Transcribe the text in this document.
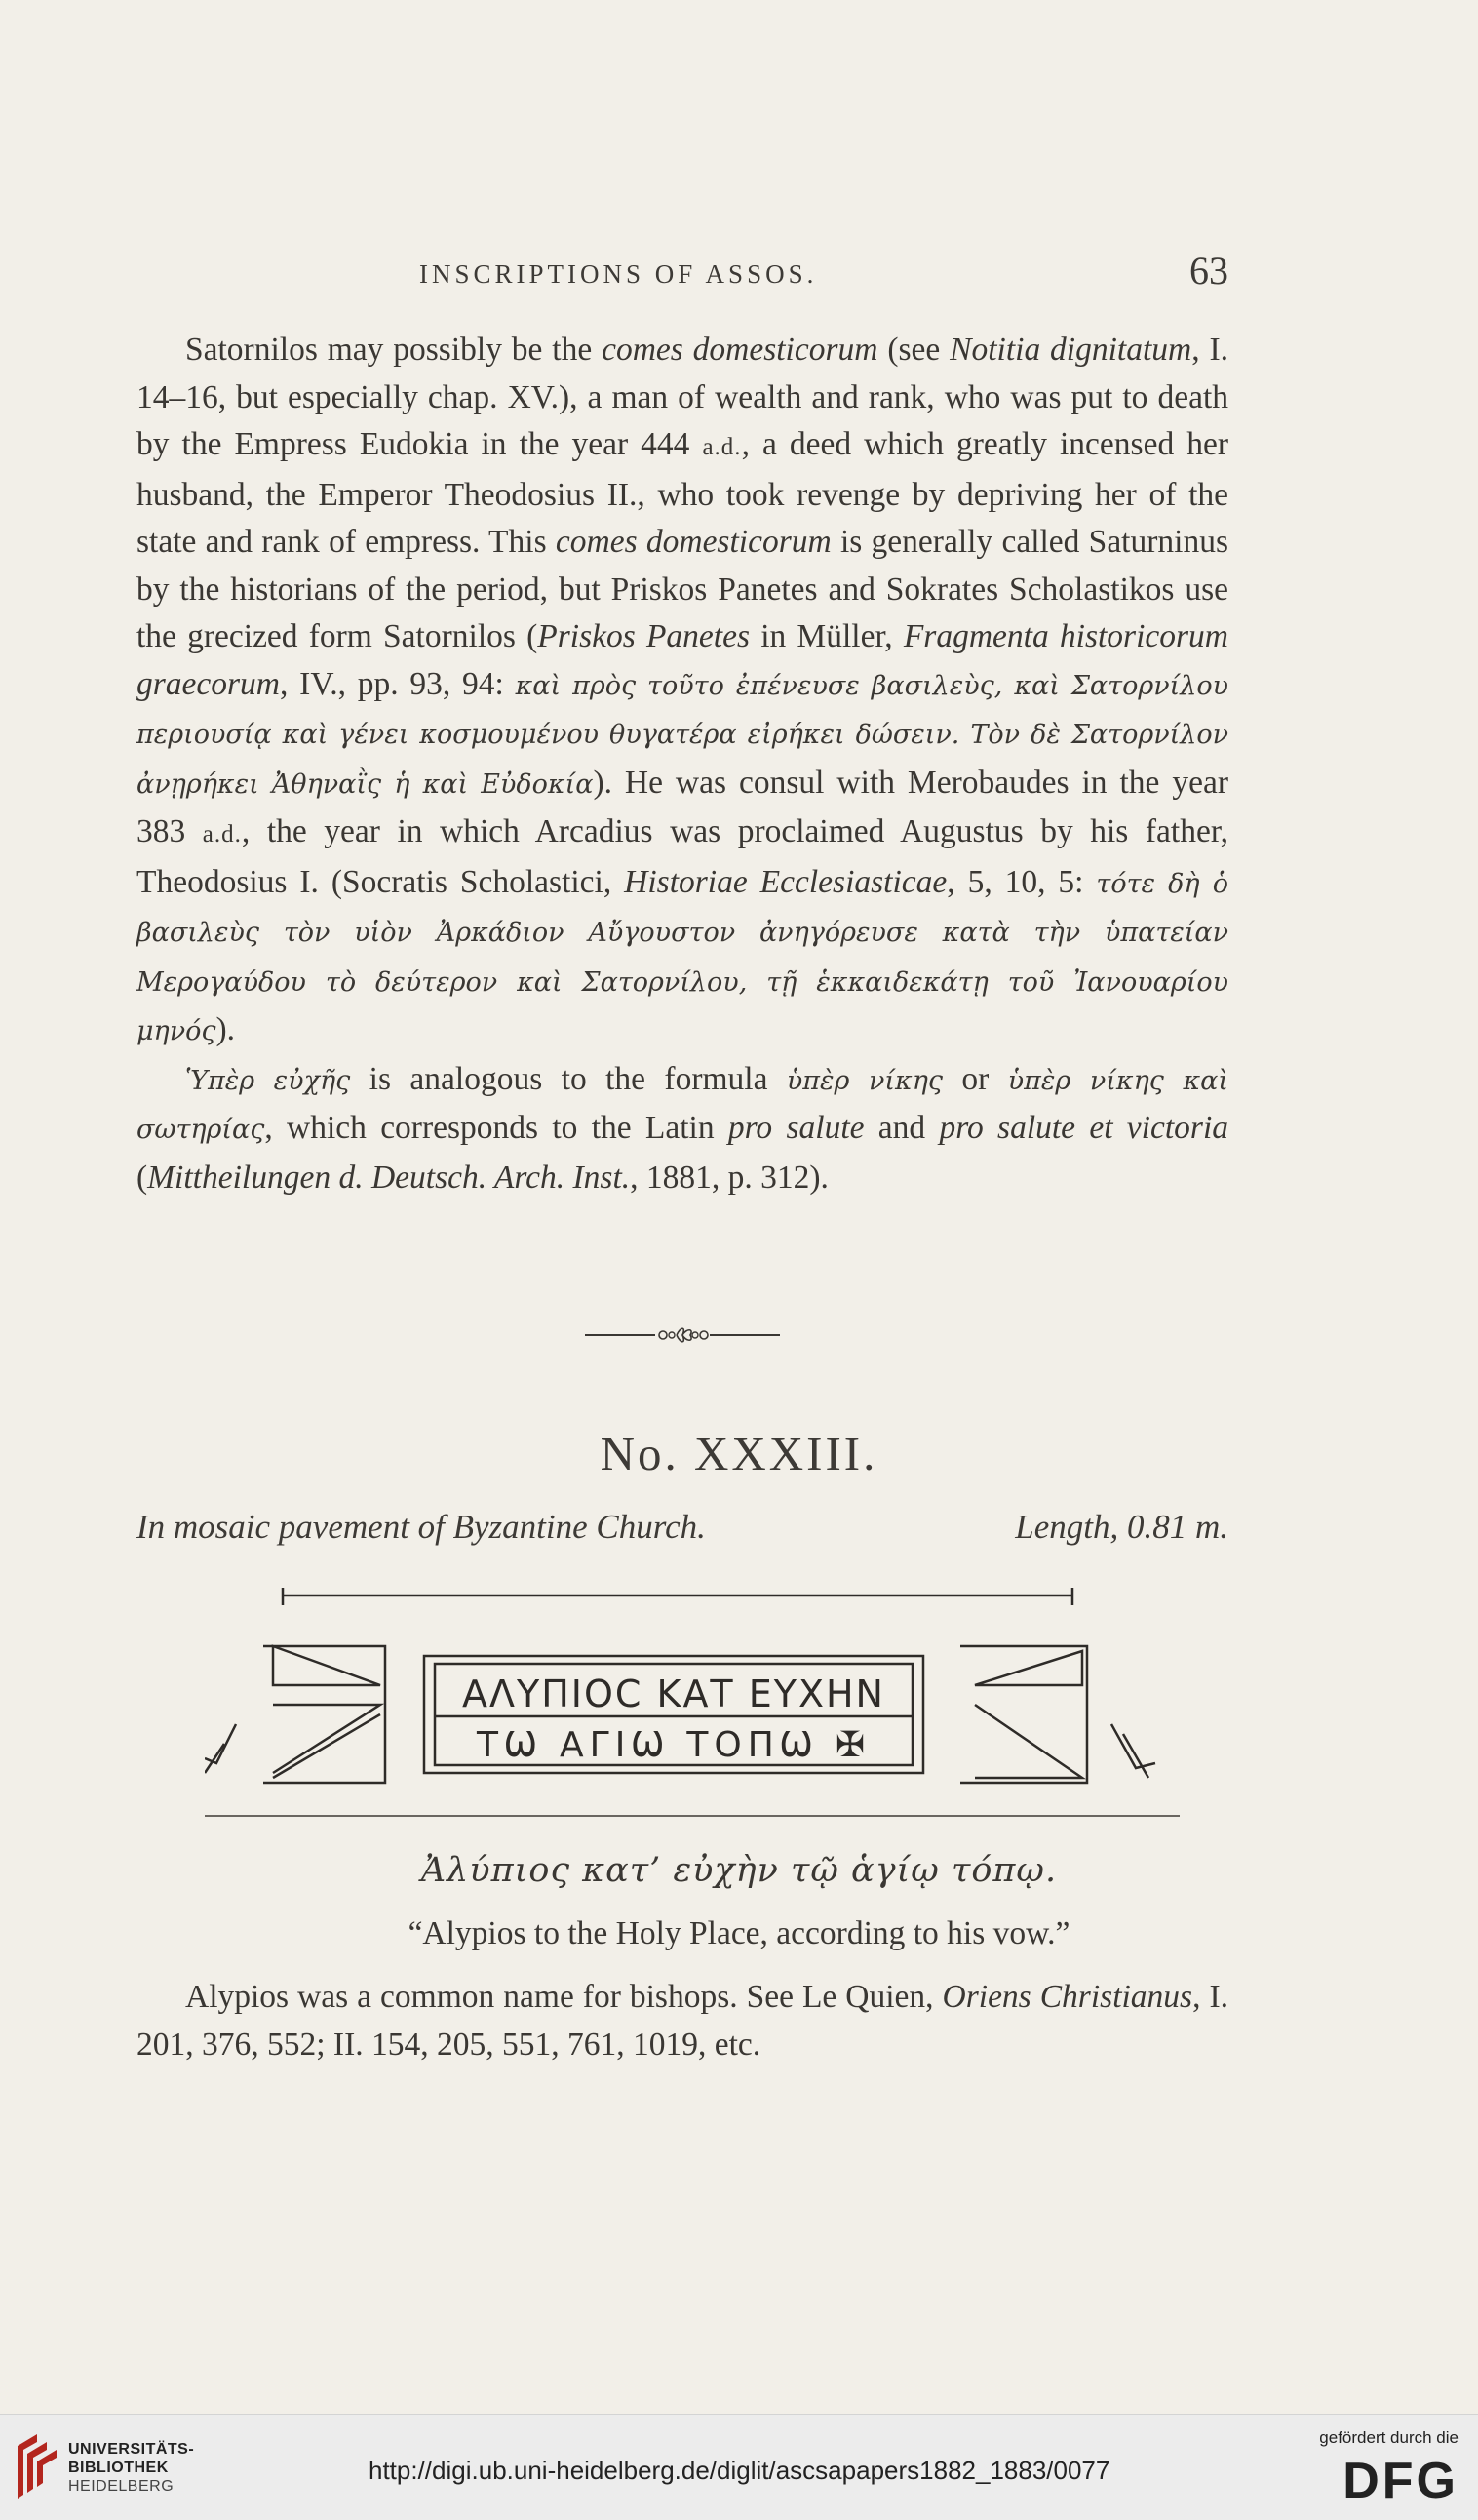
INSCRIPTIONS OF ASSOS.	63

Satornilos may possibly be the comes domesticorum (see Notitia dignitatum, I. 14–16, but especially chap. XV.), a man of wealth and rank, who was put to death by the Empress Eudokia in the year 444 a.d., a deed which greatly incensed her husband, the Emperor Theodosius II., who took revenge by depriving her of the state and rank of empress. This comes domesticorum is generally called Saturninus by the historians of the period, but Priskos Panetes and Sokrates Scholastikos use the grecized form Satornilos (Priskos Panetes in Müller, Fragmenta historicorum graecorum, IV., pp. 93, 94: καὶ πρὸς τοῦτο ἐπένευσε βασιλεὺς, καὶ Σατορνίλου περιουσίᾳ καὶ γένει κοσμουμένου θυγατέρα εἰρήκει δώσειν. Τὸν δὲ Σατορνίλον ἀνῃρήκει Ἀθηναῒς ἡ καὶ Εὐδοκία). He was consul with Merobaudes in the year 383 a.d., the year in which Arcadius was proclaimed Augustus by his father, Theodosius I. (Socratis Scholastici, Historiae Ecclesiasticae, 5, 10, 5: τότε δὴ ὁ βασιλεὺς τὸν υἱὸν Ἀρκάδιον Αὔγουστον ἀνηγόρευσε κατὰ τὴν ὑπατείαν Μερογαύδου τὸ δεύτερον καὶ Σατορνίλου, τῇ ἑκκαιδεκάτῃ τοῦ Ἰανουαρίου μηνός).

Ὑπὲρ εὐχῆς is analogous to the formula ὑπὲρ νίκης or ὑπὲρ νίκης καὶ σωτηρίας, which corresponds to the Latin pro salute and pro salute et victoria (Mittheilungen d. Deutsch. Arch. Inst., 1881, p. 312).

No. XXXIII.
In mosaic pavement of Byzantine Church.	Length, 0.81 m.
ΑΛΥΠΙΟϹ ΚΑΤ ΕΥΧΗΝ
ΤѠ ΑΓΙѠ ΤΟΠѠ ✠
Ἀλύπιος κατ’ εὐχὴν τῷ ἁγίῳ τόπῳ.
“Alypios to the Holy Place, according to his vow.”

Alypios was a common name for bishops. See Le Quien, Oriens Christianus, I. 201, 376, 552; II. 154, 205, 551, 761, 1019, etc.

UNIVERSITÄTS-
BIBLIOTHEK
HEIDELBERG
http://digi.ub.uni-heidelberg.de/diglit/ascsapapers1882_1883/0077
gefördert durch die
DFG
